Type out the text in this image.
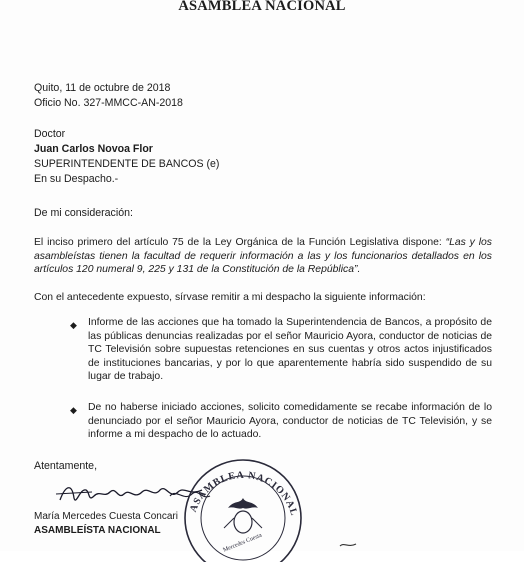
ASAMBLEA NACIONAL
Quito, 11 de octubre de 2018
Oficio No. 327-MMCC-AN-2018
Doctor
Juan Carlos Novoa Flor
SUPERINTENDENTE DE BANCOS (e)
En su Despacho.-
De mi consideración:
El inciso primero del artículo 75 de la Ley Orgánica de la Función Legislativa dispone: “Las y los asambleístas tienen la facultad de requerir información a las y los funcionarios detallados en los artículos 120 numeral 9, 225 y 131 de la Constitución de la República”.
Con el antecedente expuesto, sírvase remitir a mi despacho la siguiente información:
◆ Informe de las acciones que ha tomado la Superintendencia de Bancos, a propósito de las públicas denuncias realizadas por el señor Mauricio Ayora, conductor de noticias de TC Televisión sobre supuestas retenciones en sus cuentas y otros actos injustificados de instituciones bancarias, y por lo que aparentemente habría sido suspendido de su lugar de trabajo.
◆ De no haberse iniciado acciones, solicito comedidamente se recabe información de lo denunciado por el señor Mauricio Ayora, conductor de noticias de TC Televisión, y se informe a mi despacho de lo actuado.
Atentamente,
María Mercedes Cuesta Concari
ASAMBLEÍSTA NACIONAL
ASAMBLEA NACIONAL
Mercedes Cuesta
